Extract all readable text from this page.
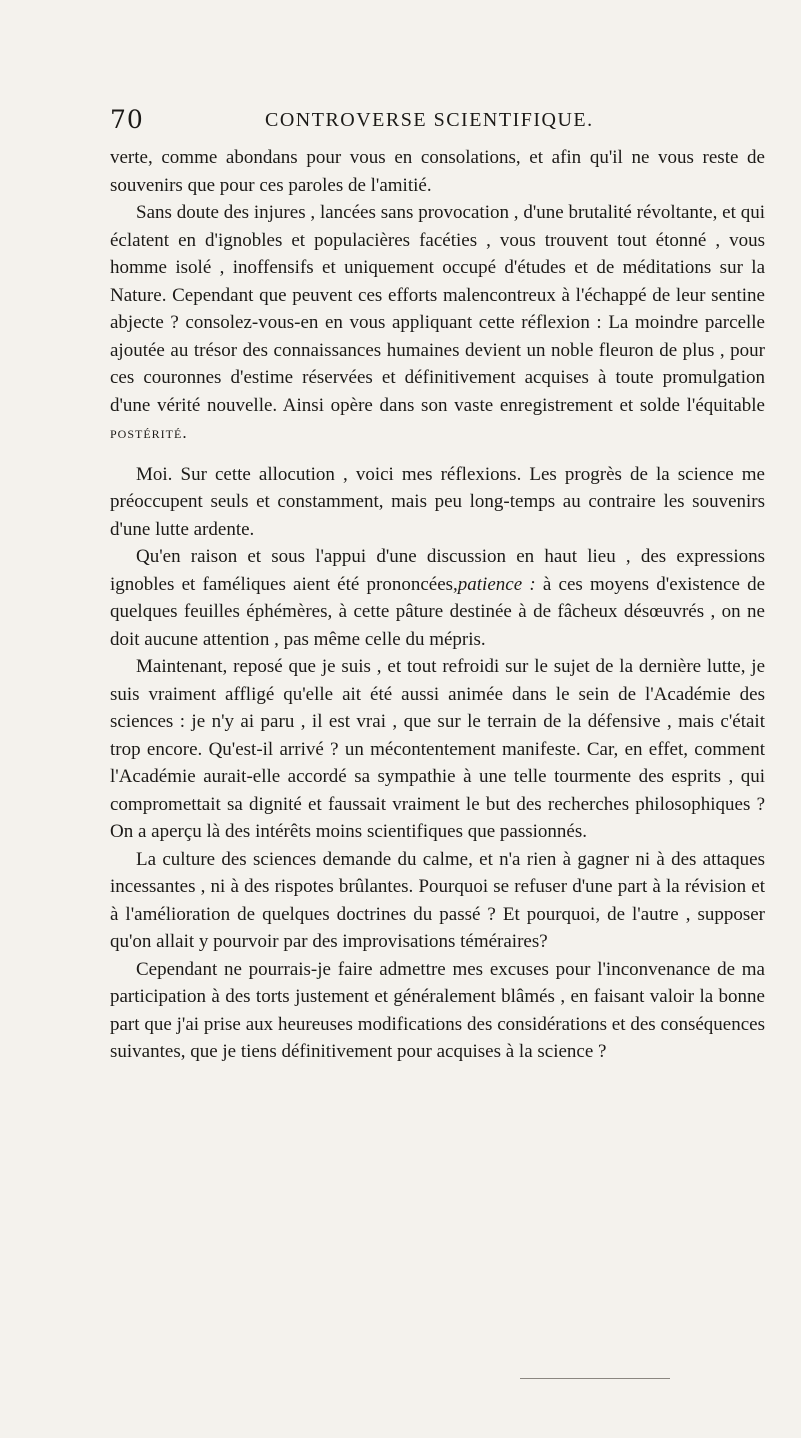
70	CONTROVERSE SCIENTIFIQUE.

verte, comme abondans pour vous en consolations, et afin qu'il ne vous reste de souvenirs que pour ces paroles de l'amitié.

Sans doute des injures , lancées sans provocation , d'une brutalité révoltante, et qui éclatent en d'ignobles et populacières facéties , vous trouvent tout étonné , vous homme isolé , inoffensifs et uniquement occupé d'études et de méditations sur la Nature. Cependant que peuvent ces efforts malencontreux à l'échappé de leur sentine abjecte ? consolez-vous-en en vous appliquant cette réflexion : La moindre parcelle ajoutée au trésor des connaissances humaines devient un noble fleuron de plus , pour ces couronnes d'estime réservées et définitivement acquises à toute promulgation d'une vérité nouvelle. Ainsi opère dans son vaste enregistrement et solde l'équitable postérité.

Moi. Sur cette allocution , voici mes réflexions. Les progrès de la science me préoccupent seuls et constamment, mais peu long-temps au contraire les souvenirs d'une lutte ardente.

Qu'en raison et sous l'appui d'une discussion en haut lieu , des expressions ignobles et faméliques aient été prononcées,patience : à ces moyens d'existence de quelques feuilles éphémères, à cette pâture destinée à de fâcheux désœuvrés , on ne doit aucune attention , pas même celle du mépris.

Maintenant, reposé que je suis , et tout refroidi sur le sujet de la dernière lutte, je suis vraiment affligé qu'elle ait été aussi animée dans le sein de l'Académie des sciences : je n'y ai paru , il est vrai , que sur le terrain de la défensive , mais c'était trop encore. Qu'est-il arrivé ? un mécontentement manifeste. Car, en effet, comment l'Académie aurait-elle accordé sa sympathie à une telle tourmente des esprits , qui compromettait sa dignité et faussait vraiment le but des recherches philosophiques ? On a aperçu là des intérêts moins scientifiques que passionnés.

La culture des sciences demande du calme, et n'a rien à gagner ni à des attaques incessantes , ni à des rispotes brûlantes. Pourquoi se refuser d'une part à la révision et à l'amélioration de quelques doctrines du passé ? Et pourquoi, de l'autre , supposer qu'on allait y pourvoir par des improvisations téméraires?

Cependant ne pourrais-je faire admettre mes excuses pour l'inconvenance de ma participation à des torts justement et généralement blâmés , en faisant valoir la bonne part que j'ai prise aux heureuses modifications des considérations et des conséquences suivantes, que je tiens définitivement pour acquises à la science ?
